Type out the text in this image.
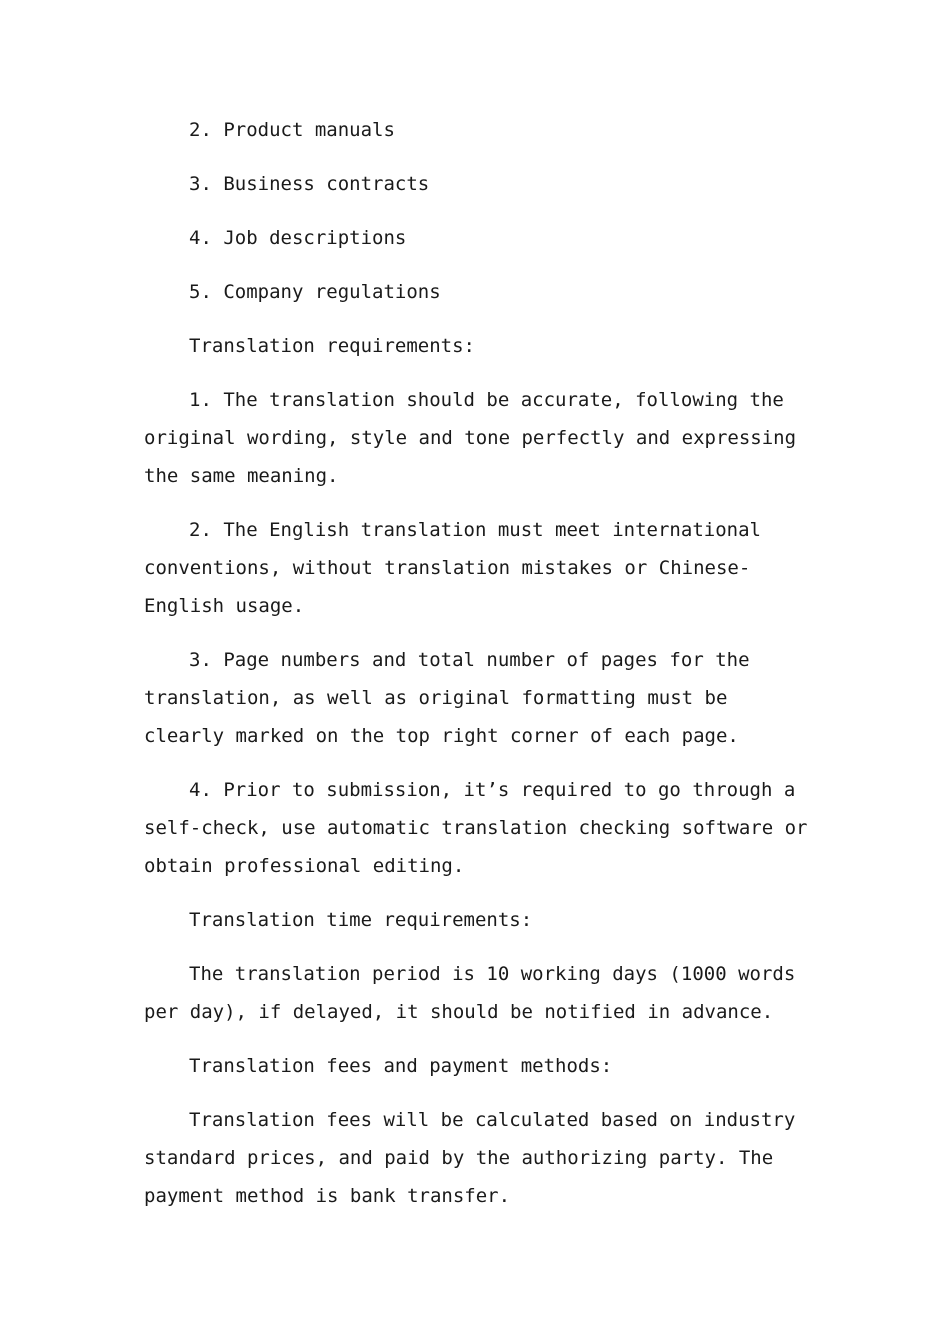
2. Product manuals

3. Business contracts

4. Job descriptions

5. Company regulations

Translation requirements:

1. The translation should be accurate, following the original wording, style and tone perfectly and expressing the same meaning.

2. The English translation must meet international conventions, without translation mistakes or Chinese-English usage.

3. Page numbers and total number of pages for the translation, as well as original formatting must be clearly marked on the top right corner of each page.

4. Prior to submission, it’s required to go through a self-check, use automatic translation checking software or obtain professional editing.

Translation time requirements:

The translation period is 10 working days (1000 words per day), if delayed, it should be notified in advance.

Translation fees and payment methods:

Translation fees will be calculated based on industry standard prices, and paid by the authorizing party. The payment method is bank transfer.
